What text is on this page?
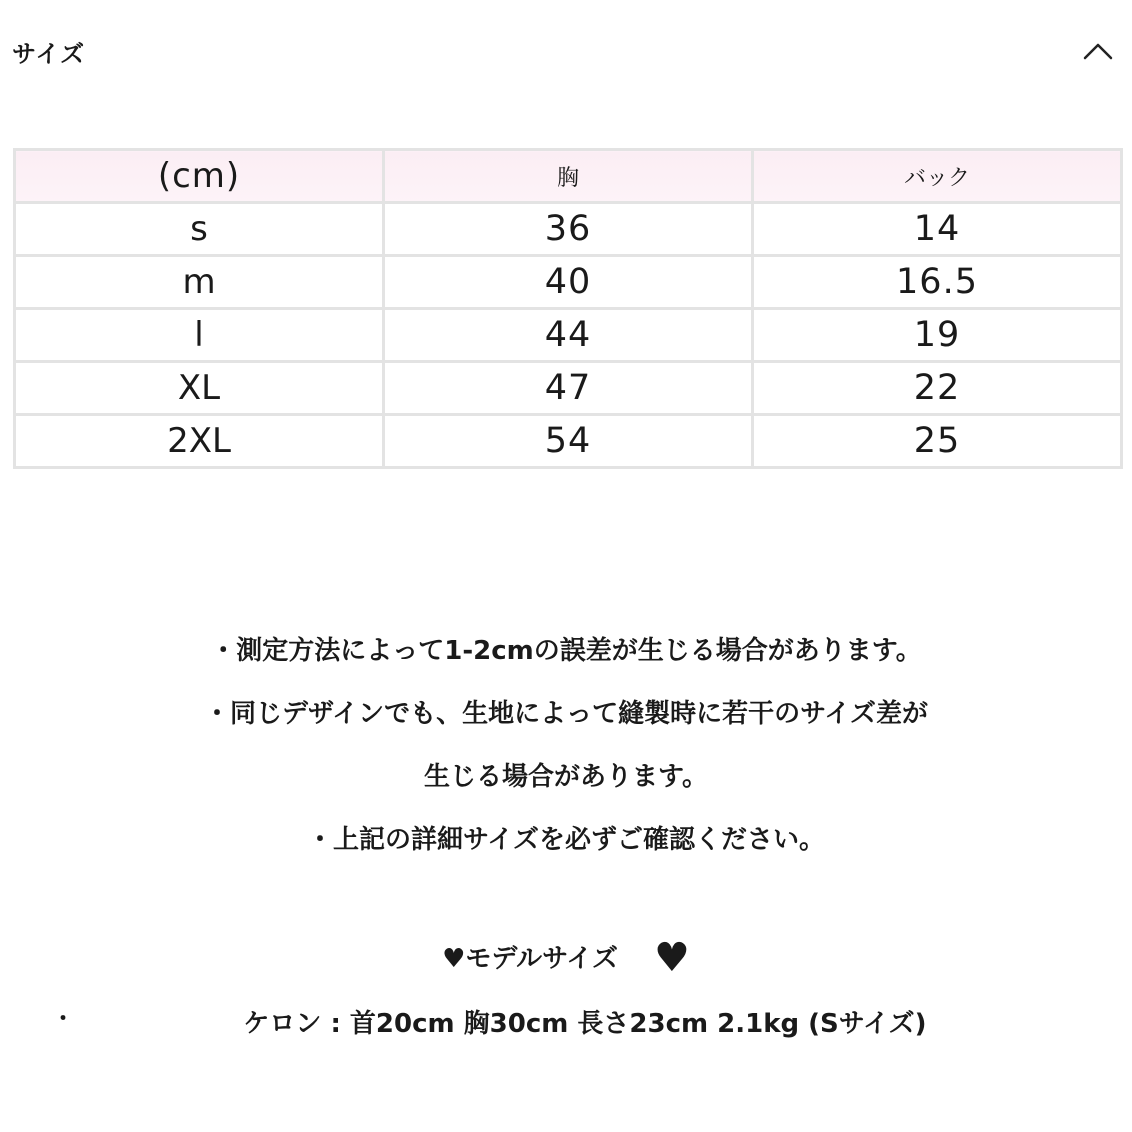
サイズ
(cm)	胸	バック
s	36	14
m	40	16.5
l	44	19
XL	47	22
2XL	54	25
・測定方法によって1-2cmの誤差が生じる場合があります。
・同じデザインでも、生地によって縫製時に若干のサイズ差が
生じる場合があります。
・上記の詳細サイズを必ずご確認ください。
♥モデルサイズ ♥
・	ケロン : 首20cm 胸30cm 長さ23cm 2.1kg (Sサイズ)
